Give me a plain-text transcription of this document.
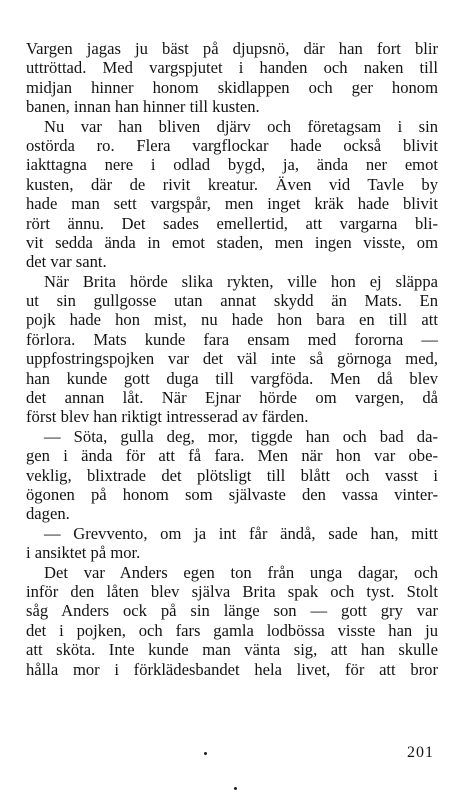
Vargen jagas ju bäst på djupsnö, där han fort blir
uttröttad. Med vargspjutet i handen och naken till
midjan hinner honom skidlappen och ger honom
banen, innan han hinner till kusten.
Nu var han bliven djärv och företagsam i sin
ostörda ro. Flera vargflockar hade också blivit
iakttagna nere i odlad bygd, ja, ända ner emot
kusten, där de rivit kreatur. Även vid Tavle by
hade man sett vargspår, men inget kräk hade blivit
rört ännu. Det sades emellertid, att vargarna bli-
vit sedda ända in emot staden, men ingen visste, om
det var sant.
När Brita hörde slika rykten, ville hon ej släppa
ut sin gullgosse utan annat skydd än Mats. En
pojk hade hon mist, nu hade hon bara en till att
förlora. Mats kunde fara ensam med fororna —
uppfostringspojken var det väl inte så görnoga med,
han kunde gott duga till vargföda. Men då blev
det annan låt. När Ejnar hörde om vargen, då
först blev han riktigt intresserad av färden.
— Söta, gulla deg, mor, tiggde han och bad da-
gen i ända för att få fara. Men när hon var obe-
veklig, blixtrade det plötsligt till blått och vasst i
ögonen på honom som självaste den vassa vinter-
dagen.
— Grevvento, om ja int får ändå, sade han, mitt
i ansiktet på mor.
Det var Anders egen ton från unga dagar, och
inför den låten blev själva Brita spak och tyst. Stolt
såg Anders ock på sin länge son — gott gry var
det i pojken, och fars gamla lodbössa visste han ju
att sköta. Inte kunde man vänta sig, att han skulle
hålla mor i förklädesbandet hela livet, för att bror
201
